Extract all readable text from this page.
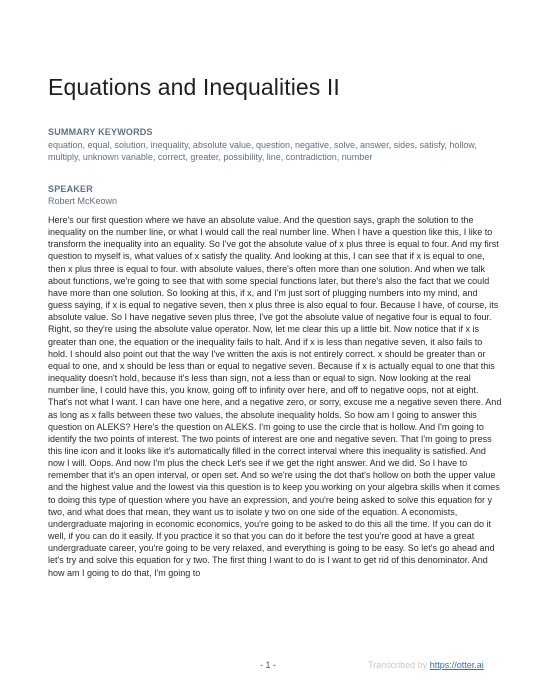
Equations and Inequalities II
SUMMARY KEYWORDS
equation, equal, solution, inequality, absolute value, question, negative, solve, answer, sides, satisfy, hollow, multiply, unknown variable, correct, greater, possibility, line, contradiction, number
SPEAKER
Robert McKeown

Here's our first question where we have an absolute value. And the question says, graph the solution to the inequality on the number line, or what I would call the real number line. When I have a question like this, I like to transform the inequality into an equality. So I've got the absolute value of x plus three is equal to four. And my first question to myself is, what values of x satisfy the quality. And looking at this, I can see that if x is equal to one, then x plus three is equal to four. with absolute values, there's often more than one solution. And when we talk about functions, we're going to see that with some special functions later, but there's also the fact that we could have more than one solution. So looking at this, if x, and I'm just sort of plugging numbers into my mind, and guess saying, if x is equal to negative seven, then x plus three is also equal to four. Because I have, of course, its absolute value. So I have negative seven plus three, I've got the absolute value of negative four is equal to four. Right, so they're using the absolute value operator. Now, let me clear this up a little bit. Now notice that if x is greater than one, the equation or the inequality fails to halt. And if x is less than negative seven, it also fails to hold. I should also point out that the way I've written the axis is not entirely correct. x should be greater than or equal to one, and x should be less than or equal to negative seven. Because if x is actually equal to one that this inequality doesn't hold, because it's less than sign, not a less than or equal to sign. Now looking at the real number line, I could have this, you know, going off to infinity over here, and off to negative oops, not at eight. That's not what I want. I can have one here, and a negative zero, or sorry, excuse me a negative seven there. And as long as x falls between these two values, the absolute inequality holds. So how am I going to answer this question on ALEKS? Here's the question on ALEKS. I'm going to use the circle that is hollow. And I'm going to identify the two points of interest. The two points of interest are one and negative seven. That I'm going to press this line icon and it looks like it's automatically filled in the correct interval where this inequality is satisfied. And now I will. Oops. And now I'm plus the check Let's see if we get the right answer. And we did. So I have to remember that it's an open interval, or open set. And so we're using the dot that's hollow on both the upper value and the highest value and the lowest via this question is to keep you working on your algebra skills when it comes to doing this type of question where you have an expression, and you're being asked to solve this equation for y two, and what does that mean, they want us to isolate y two on one side of the equation. A economists, undergraduate majoring in economic economics, you're going to be asked to do this all the time. If you can do it well, if you can do it easily. If you practice it so that you can do it before the test you're good at have a great undergraduate career, you're going to be very relaxed, and everything is going to be easy. So let's go ahead and let's try and solve this equation for y two. The first thing I want to do is I want to get rid of this denominator. And how am I going to do that, I'm going to

- 1 -	Transcribed by https://otter.ai
